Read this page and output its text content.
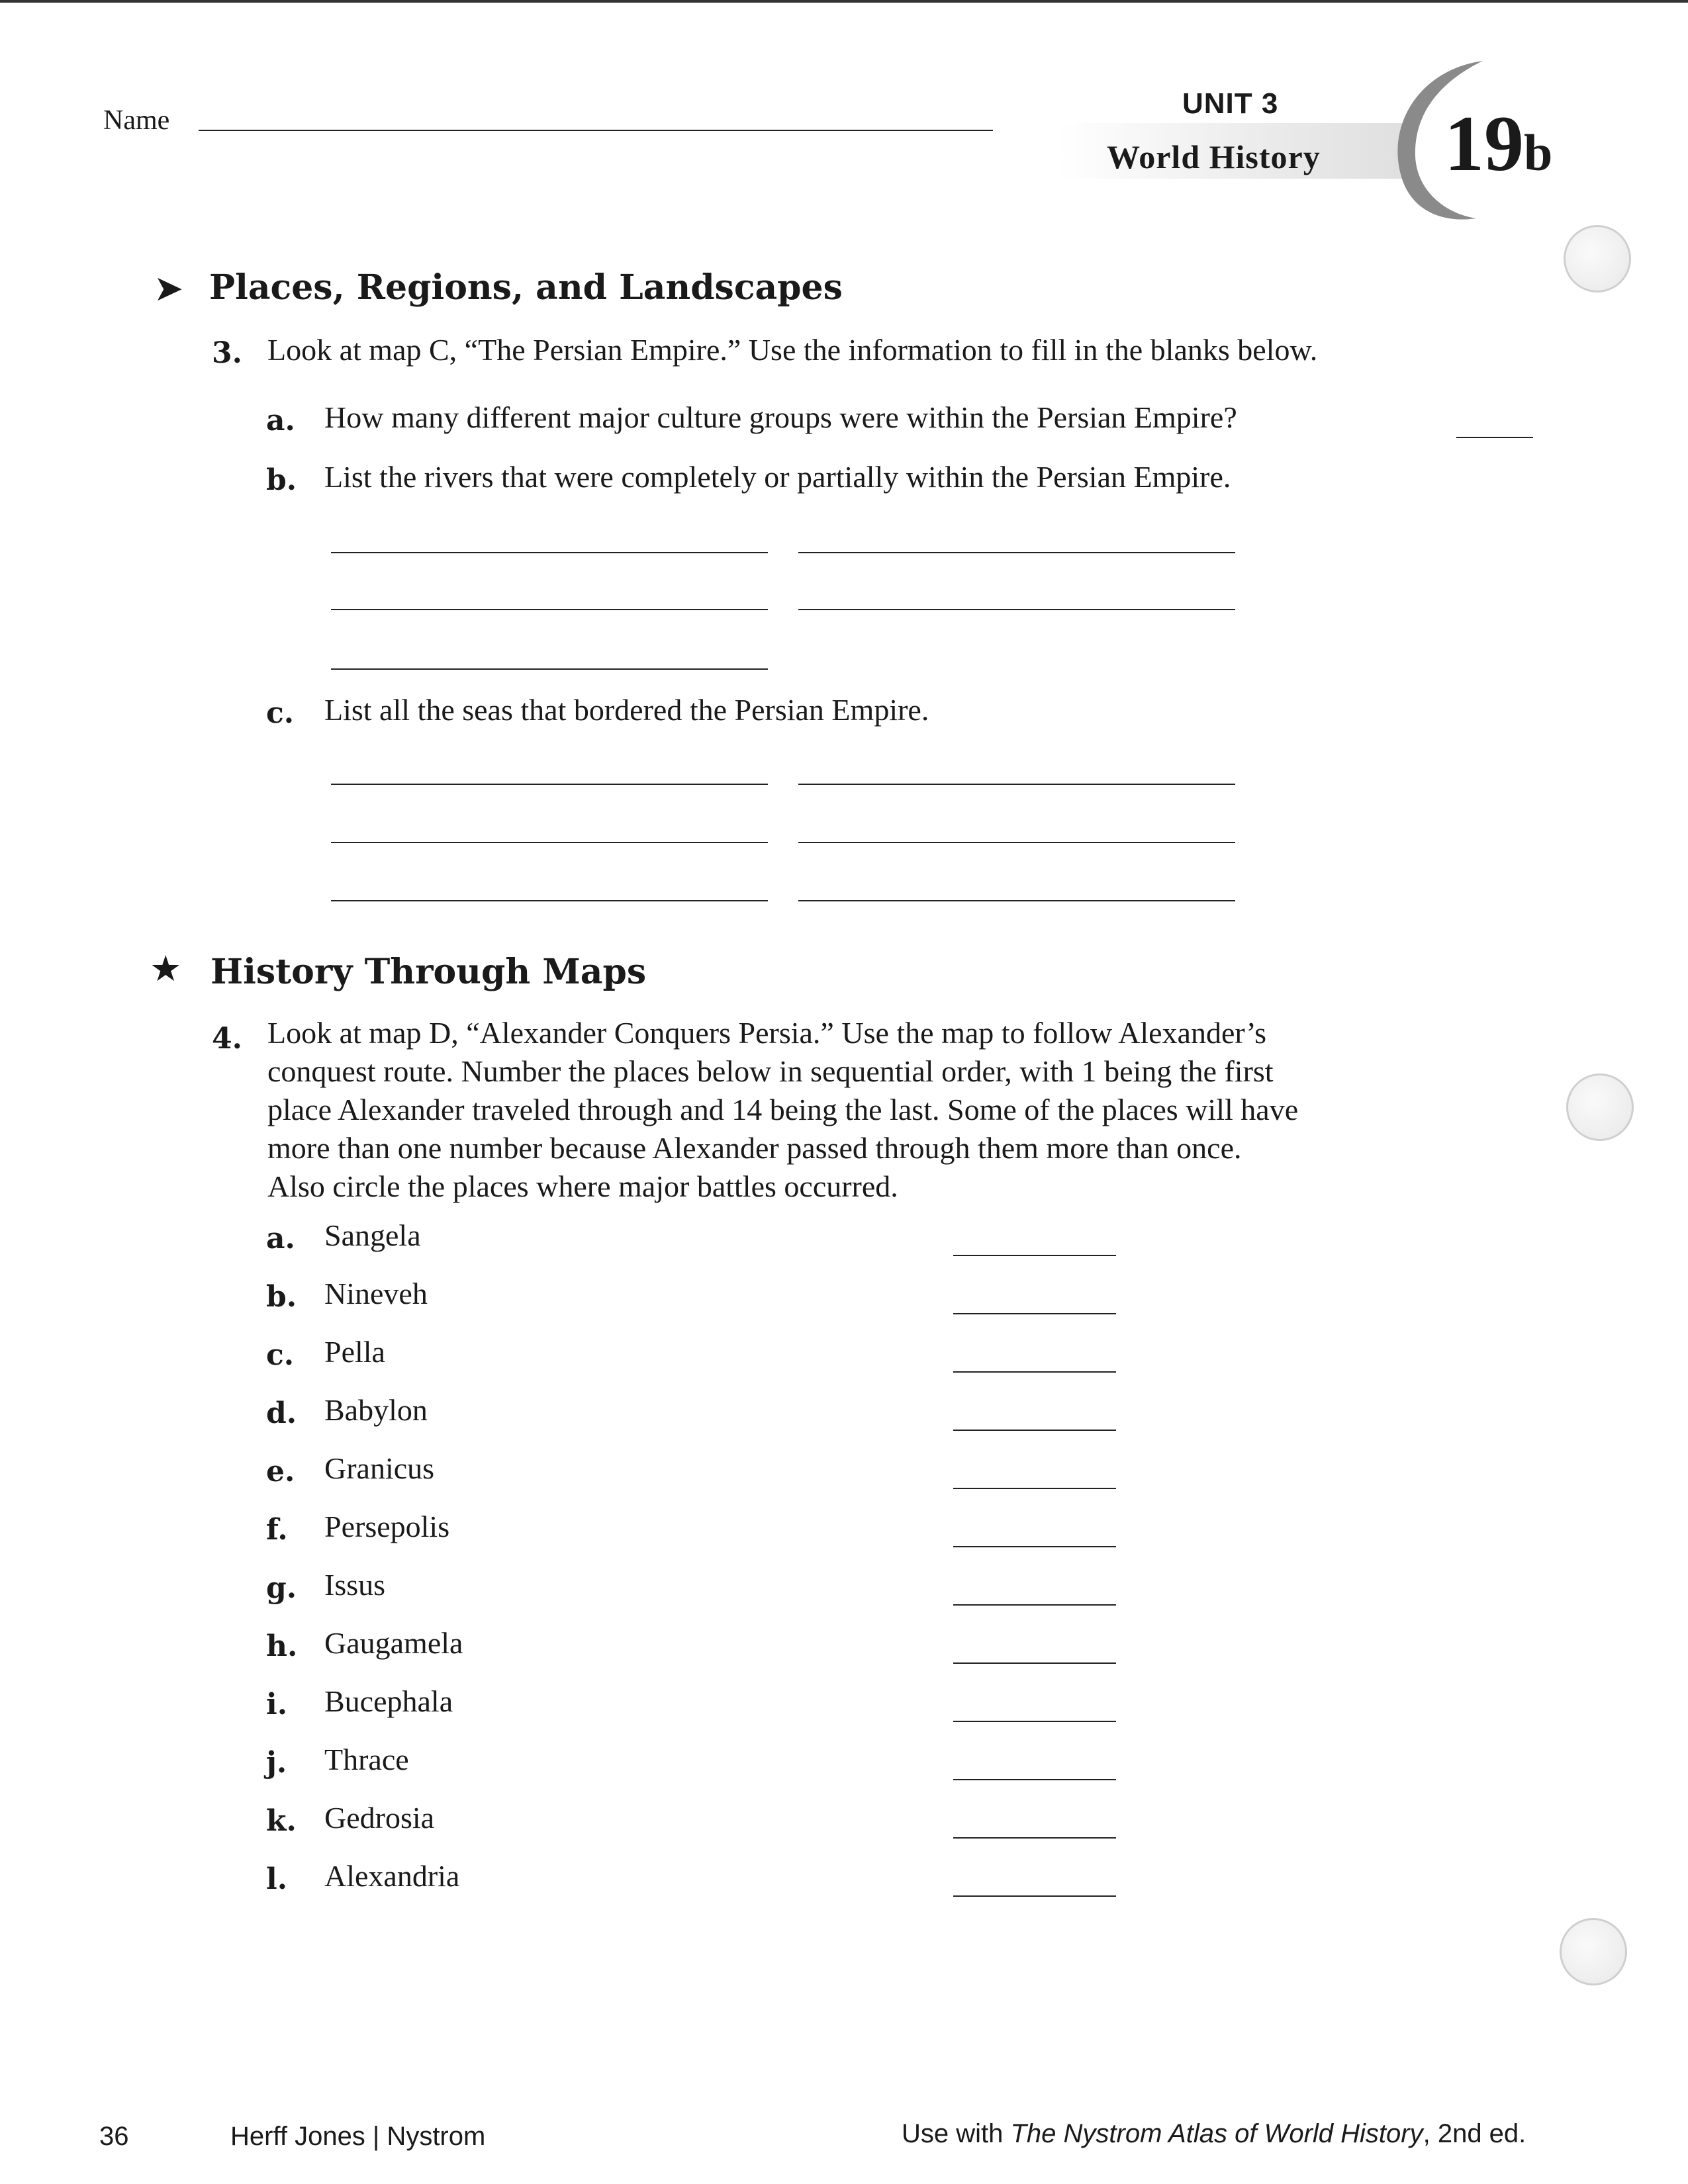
Name
UNIT 3
World History 19b
➤ Places, Regions, and Landscapes
3. Look at map C, “The Persian Empire.” Use the information to fill in the blanks below.
a. How many different major culture groups were within the Persian Empire?
b. List the rivers that were completely or partially within the Persian Empire.
c. List all the seas that bordered the Persian Empire.
★ History Through Maps
4. Look at map D, “Alexander Conquers Persia.” Use the map to follow Alexander’s
conquest route. Number the places below in sequential order, with 1 being the first
place Alexander traveled through and 14 being the last. Some of the places will have
more than one number because Alexander passed through them more than once.
Also circle the places where major battles occurred.
a. Sangela
b. Nineveh
c. Pella
d. Babylon
e. Granicus
f. Persepolis
g. Issus
h. Gaugamela
i. Bucephala
j. Thrace
k. Gedrosia
l. Alexandria
36	Herff Jones | Nystrom	Use with The Nystrom Atlas of World History, 2nd ed.
